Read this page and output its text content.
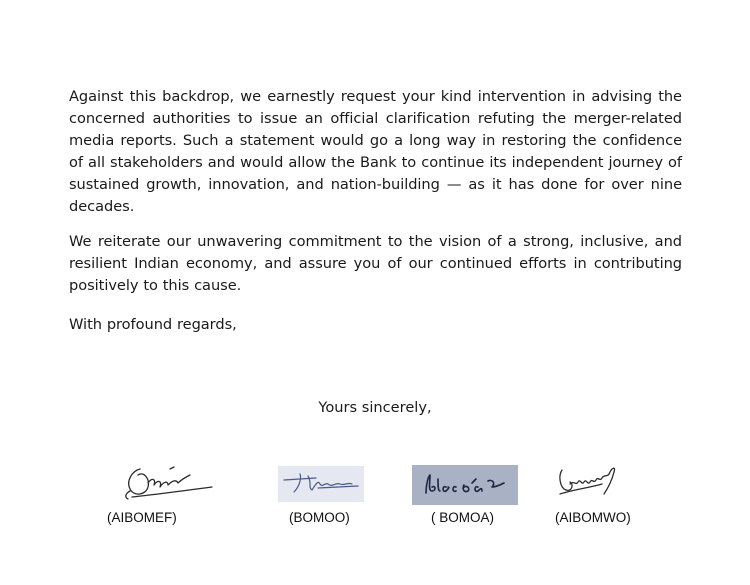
Against this backdrop, we earnestly request your kind intervention in advising the concerned authorities to issue an official clarification refuting the merger-related media reports. Such a statement would go a long way in restoring the confidence of all stakeholders and would allow the Bank to continue its independent journey of sustained growth, innovation, and nation-building — as it has done for over nine decades.

We reiterate our unwavering commitment to the vision of a strong, inclusive, and resilient Indian economy, and assure you of our continued efforts in contributing positively to this cause.

With profound regards,

Yours sincerely,
(AIBOMEF)	(BOMOO)	( BOMOA)	(AIBOMWO)
